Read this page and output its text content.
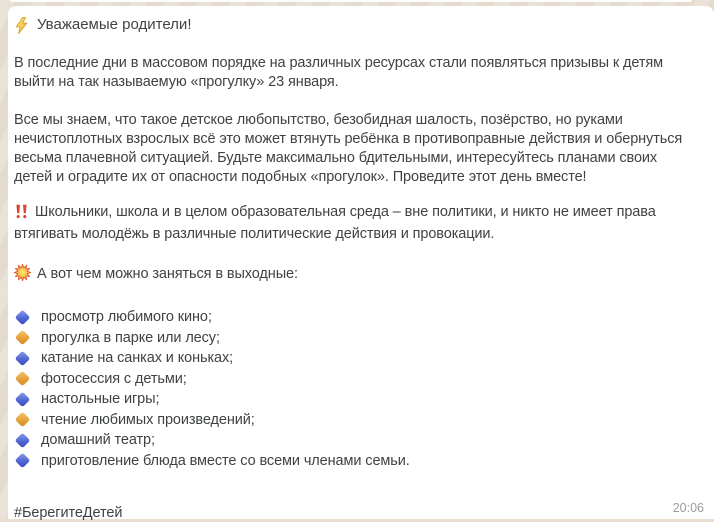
Уважаемые родители!

В последние дни в массовом порядке на различных ресурсах стали появляться призывы к детям выйти на так называемую «прогулку» 23 января.

Все мы знаем, что такое детское любопытство, безобидная шалость, позёрство, но руками нечистоплотных взрослых всё это может втянуть ребёнка в противоправные действия и обернуться весьма плачевной ситуацией. Будьте максимально бдительными, интересуйтесь планами своих детей и оградите их от опасности подобных «прогулок». Проведите этот день вместе!

Школьники, школа и в целом образовательная среда – вне политики, и никто не имеет права втягивать молодёжь в различные политические действия и провокации.

А вот чем можно заняться в выходные:

просмотр любимого кино;
прогулка в парке или лесу;
катание на санках и коньках;
фотосессия с детьми;
настольные игры;
чтение любимых произведений;
домашний театр;
приготовление блюда вместе со всеми членами семьи.
#БерегитеДетей	20:06
